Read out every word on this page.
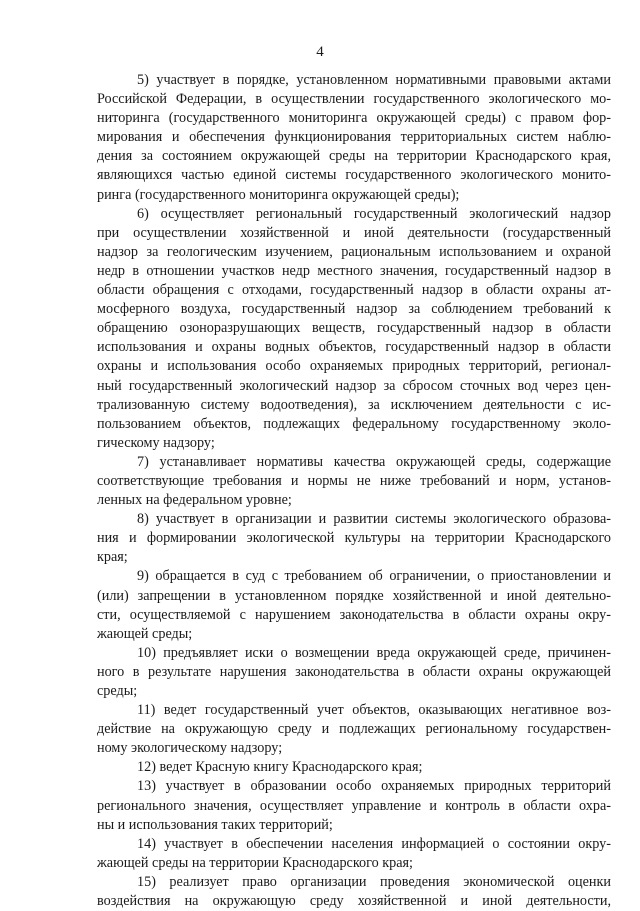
4
5) участвует в порядке, установленном нормативными правовыми актами
Российской Федерации, в осуществлении государственного экологического мо-
ниторинга (государственного мониторинга окружающей среды) с правом фор-
мирования и обеспечения функционирования территориальных систем наблю-
дения за состоянием окружающей среды на территории Краснодарского края,
являющихся частью единой системы государственного экологического монито-
ринга (государственного мониторинга окружающей среды);
6) осуществляет региональный государственный экологический надзор
при осуществлении хозяйственной и иной деятельности (государственный
надзор за геологическим изучением, рациональным использованием и охраной
недр в отношении участков недр местного значения, государственный надзор в
области обращения с отходами, государственный надзор в области охраны ат-
мосферного воздуха, государственный надзор за соблюдением требований к
обращению озоноразрушающих веществ, государственный надзор в области
использования и охраны водных объектов, государственный надзор в области
охраны и использования особо охраняемых природных территорий, регионал-
ный государственный экологический надзор за сбросом сточных вод через цен-
трализованную систему водоотведения), за исключением деятельности с ис-
пользованием объектов, подлежащих федеральному государственному эколо-
гическому надзору;
7) устанавливает нормативы качества окружающей среды, содержащие
соответствующие требования и нормы не ниже требований и норм, установ-
ленных на федеральном уровне;
8) участвует в организации и развитии системы экологического образова-
ния и формировании экологической культуры на территории Краснодарского
края;
9) обращается в суд с требованием об ограничении, о приостановлении и
(или) запрещении в установленном порядке хозяйственной и иной деятельно-
сти, осуществляемой с нарушением законодательства в области охраны окру-
жающей среды;
10) предъявляет иски о возмещении вреда окружающей среде, причинен-
ного в результате нарушения законодательства в области охраны окружающей
среды;
11) ведет государственный учет объектов, оказывающих негативное воз-
действие на окружающую среду и подлежащих региональному государствен-
ному экологическому надзору;
12) ведет Красную книгу Краснодарского края;
13) участвует в образовании особо охраняемых природных территорий
регионального значения, осуществляет управление и контроль в области охра-
ны и использования таких территорий;
14) участвует в обеспечении населения информацией о состоянии окру-
жающей среды на территории Краснодарского края;
15) реализует право организации проведения экономической оценки
воздействия на окружающую среду хозяйственной и иной деятельности,
